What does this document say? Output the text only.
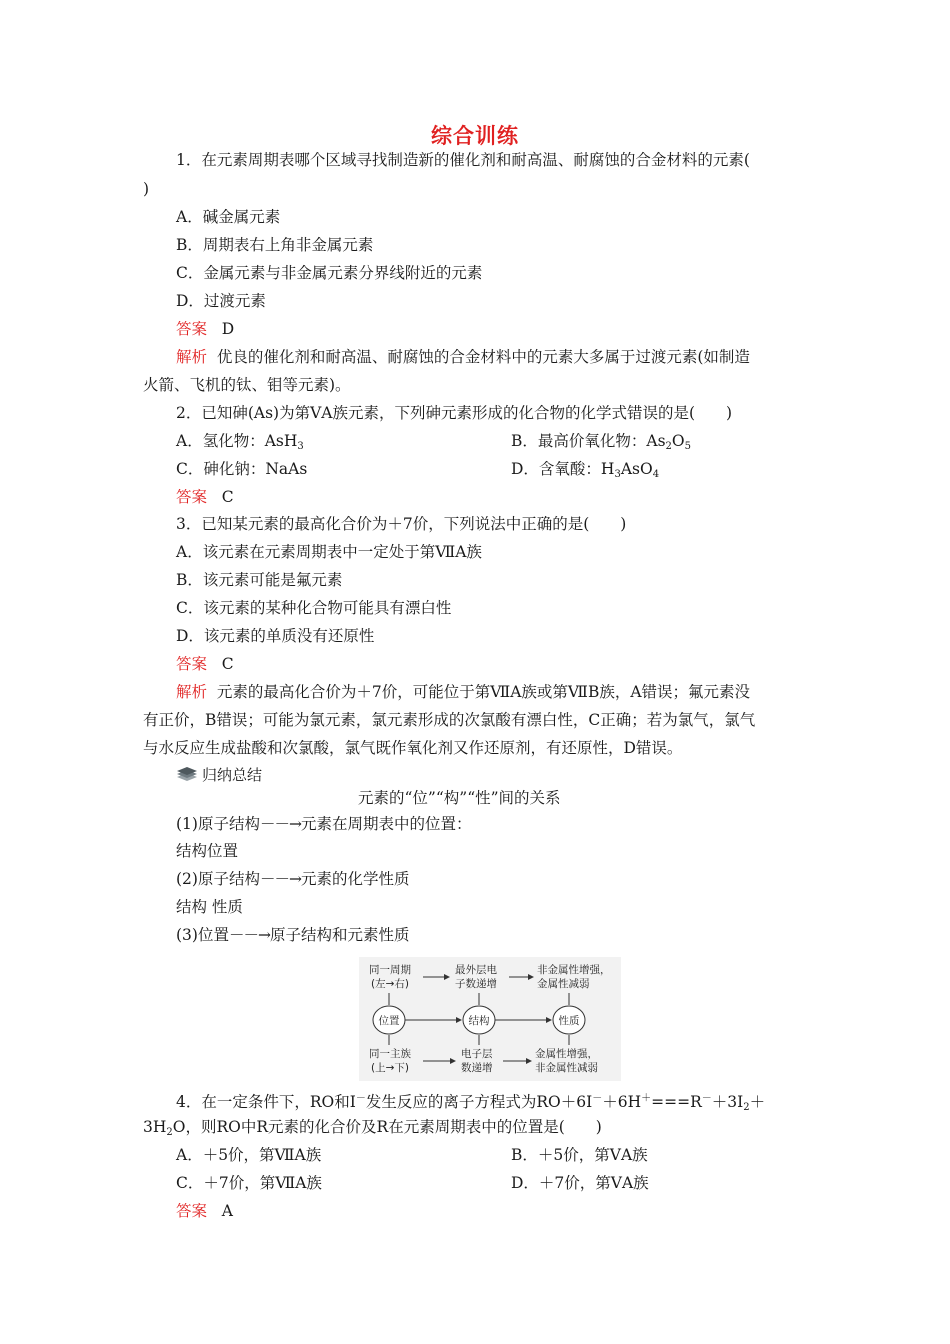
综合训练
1．在元素周期表哪个区域寻找制造新的催化剂和耐高温、耐腐蚀的合金材料的元素(
)
A．碱金属元素
B．周期表右上角非金属元素
C．金属元素与非金属元素分界线附近的元素
D．过渡元素
答案 D
解析 优良的催化剂和耐高温、耐腐蚀的合金材料中的元素大多属于过渡元素(如制造
火箭、飞机的钛、钼等元素)。
2．已知砷(As)为第ⅤA族元素，下列砷元素形成的化合物的化学式错误的是(　　)
A．氢化物：AsH$_3$	B．最高价氧化物：$As_2O_5$
C．砷化钠：NaAs	D．含氧酸：$H_3AsO_4$
答案 C
3．已知某元素的最高化合价为＋7价，下列说法中正确的是(　　)
A．该元素在元素周期表中一定处于第ⅦA族
B．该元素可能是氟元素
C．该元素的某种化合物可能具有漂白性
D．该元素的单质没有还原性
答案 C
解析 元素的最高化合价为＋7价，可能位于第ⅦA族或第ⅦB族，A错误；氟元素没
有正价，B错误；可能为氯元素，氯元素形成的次氯酸有漂白性，C正确；若为氯气，氯气
与水反应生成盐酸和次氯酸，氯气既作氧化剂又作还原剂，有还原性，D错误。
归纳总结
元素的“位”“构”“性”间的关系
(1)原子结构－－→元素在周期表中的位置：
结构位置
(2)原子结构－－→元素的化学性质
结构 性质
(3)位置－－→原子结构和元素性质
同一周期
(左→右)
最外层电
子数递增
非金属性增强，
金属性减弱
位置	结构	性质
同一主族
(上→下)
电子层
数递增
金属性增强，
非金属性减弱
4．在一定条件下，RO和I－发生反应的离子方程式为$RO+6I^-+6H^+===R^-+3I_2+$
$3H_2O$，则RO中R元素的化合价及R在元素周期表中的位置是(　　)
A．＋5价，第ⅦA族	B．＋5价，第ⅤA族
C．＋7价，第ⅦA族	D．＋7价，第ⅤA族
答案 A
